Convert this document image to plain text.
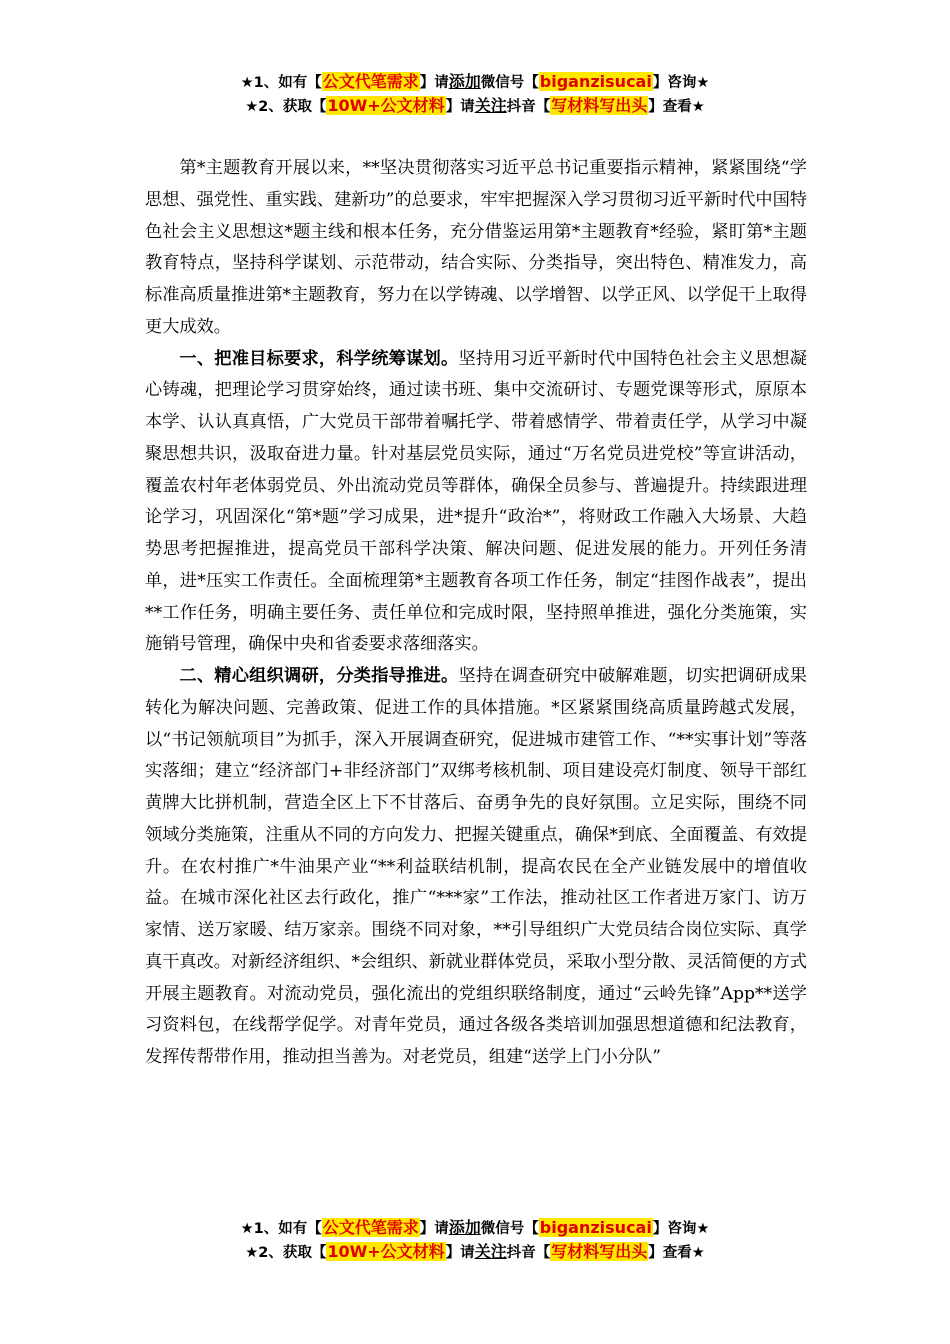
★1、如有【公文代笔需求】请添加微信号【biganzisucai】咨询★
★2、获取【10W+公文材料】请关注抖音【写材料写出头】查看★

第*主题教育开展以来，**坚决贯彻落实习近平总书记重要指示精神，紧紧围绕“学思想、强党性、重实践、建新功”的总要求，牢牢把握深入学习贯彻习近平新时代中国特色社会主义思想这*题主线和根本任务，充分借鉴运用第*主题教育*经验，紧盯第*主题教育特点，坚持科学谋划、示范带动，结合实际、分类指导，突出特色、精准发力，高标准高质量推进第*主题教育，努力在以学铸魂、以学增智、以学正风、以学促干上取得更大成效。

一、把准目标要求，科学统筹谋划。坚持用习近平新时代中国特色社会主义思想凝心铸魂，把理论学习贯穿始终，通过读书班、集中交流研讨、专题党课等形式，原原本本学、认认真真悟，广大党员干部带着嘱托学、带着感情学、带着责任学，从学习中凝聚思想共识，汲取奋进力量。针对基层党员实际，通过“万名党员进党校”等宣讲活动，覆盖农村年老体弱党员、外出流动党员等群体，确保全员参与、普遍提升。持续跟进理论学习，巩固深化“第*题”学习成果，进*提升“政治*”，将财政工作融入大场景、大趋势思考把握推进，提高党员干部科学决策、解决问题、促进发展的能力。开列任务清单，进*压实工作责任。全面梳理第*主题教育各项工作任务，制定“挂图作战表”，提出**工作任务，明确主要任务、责任单位和完成时限，坚持照单推进，强化分类施策，实施销号管理，确保中央和省委要求落细落实。

二、精心组织调研，分类指导推进。坚持在调查研究中破解难题，切实把调研成果转化为解决问题、完善政策、促进工作的具体措施。*区紧紧围绕高质量跨越式发展，以“书记领航项目”为抓手，深入开展调查研究，促进城市建管工作、“**实事计划”等落实落细；建立“经济部门+非经济部门”双绑考核机制、项目建设亮灯制度、领导干部红黄牌大比拼机制，营造全区上下不甘落后、奋勇争先的良好氛围。立足实际，围绕不同领域分类施策，注重从不同的方向发力、把握关键重点，确保*到底、全面覆盖、有效提升。在农村推广*牛油果产业“**利益联结机制，提高农民在全产业链发展中的增值收益。在城市深化社区去行政化，推广“***家”工作法，推动社区工作者进万家门、访万家情、送万家暖、结万家亲。围绕不同对象，**引导组织广大党员结合岗位实际、真学真干真改。对新经济组织、*会组织、新就业群体党员，采取小型分散、灵活简便的方式开展主题教育。对流动党员，强化流出的党组织联络制度，通过“云岭先锋”App**送学习资料包，在线帮学促学。对青年党员，通过各级各类培训加强思想道德和纪法教育，发挥传帮带作用，推动担当善为。对老党员，组建“送学上门小分队”

★1、如有【公文代笔需求】请添加微信号【biganzisucai】咨询★
★2、获取【10W+公文材料】请关注抖音【写材料写出头】查看★
